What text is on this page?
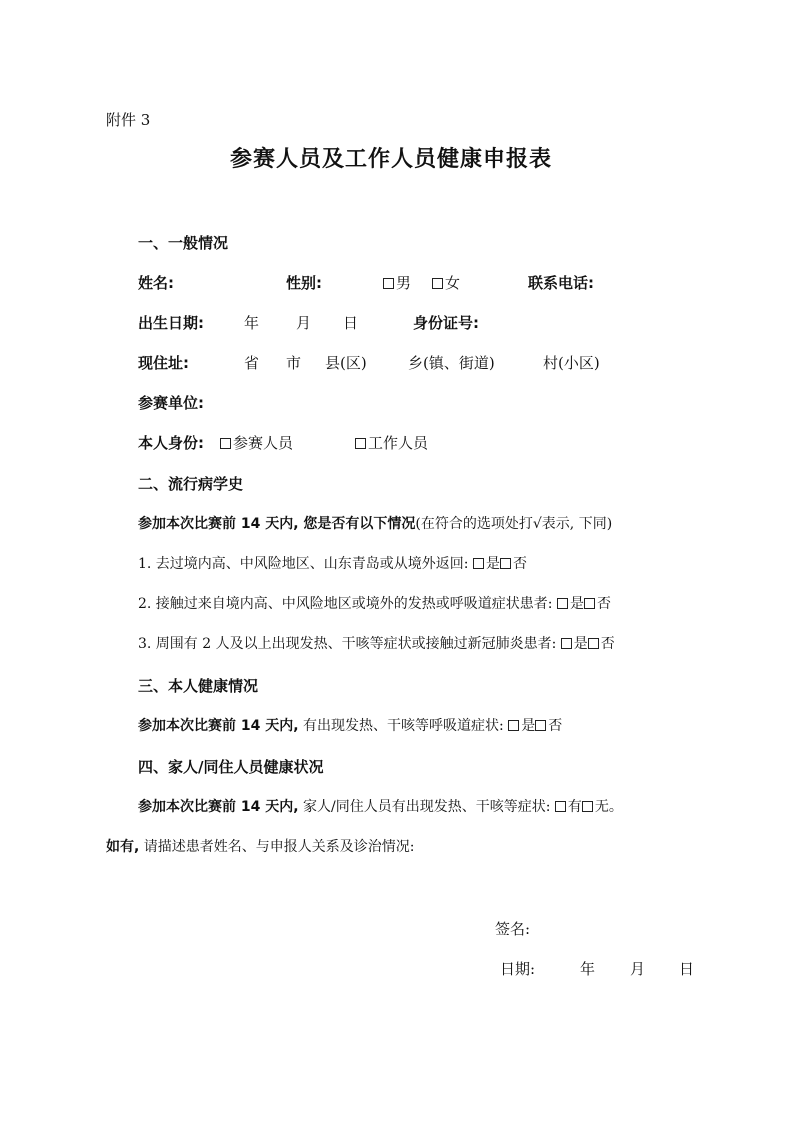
附件 3
参赛人员及工作人员健康申报表
一、一般情况
姓名:	性别:	男	女	联系电话:
出生日期:	年 月 日	身份证号:
现住址:	省 市 县(区)	乡(镇、街道)	村(小区)
参赛单位:
本人身份:	参赛人员	工作人员
二、流行病学史
参加本次比赛前 14 天内, 您是否有以下情况(在符合的选项处打√表示, 下同)
1. 去过境内高、中风险地区、山东青岛或从境外返回: 是 否
2. 接触过来自境内高、中风险地区或境外的发热或呼吸道症状患者: 是 否
3. 周围有 2 人及以上出现发热、干咳等症状或接触过新冠肺炎患者: 是 否
三、本人健康情况
参加本次比赛前 14 天内, 有出现发热、干咳等呼吸道症状: 是 否
四、家人/同住人员健康状况
参加本次比赛前 14 天内, 家人/同住人员有出现发热、干咳等症状: 有 无。
如有, 请描述患者姓名、与申报人关系及诊治情况:
签名:
日期:	年 月 日
